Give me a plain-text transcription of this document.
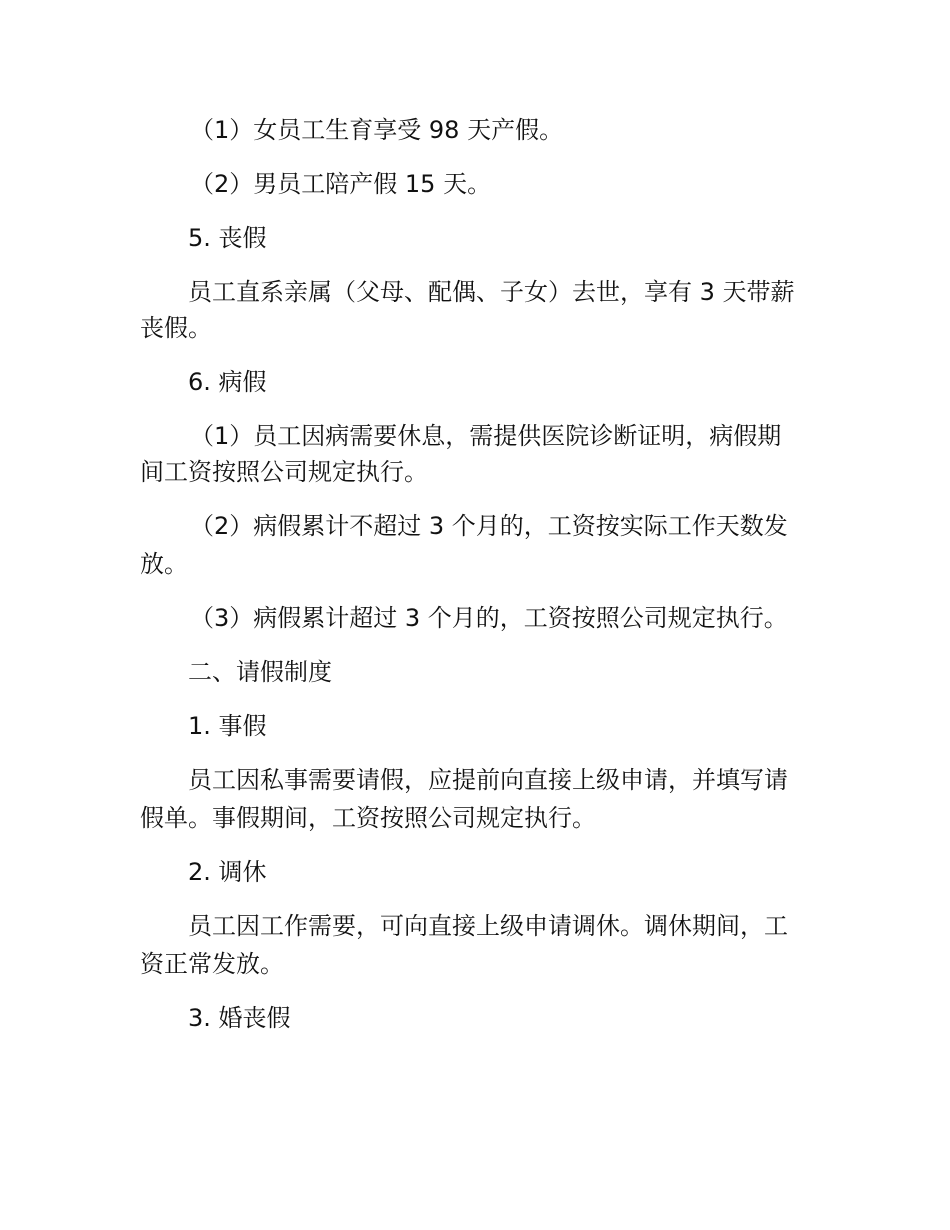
（1）女员工生育享受 98 天产假。
（2）男员工陪产假 15 天。
5. 丧假
员工直系亲属（父母、配偶、子女）去世，享有 3 天带薪
丧假。
6. 病假
（1）员工因病需要休息，需提供医院诊断证明，病假期
间工资按照公司规定执行。
（2）病假累计不超过 3 个月的，工资按实际工作天数发
放。
（3）病假累计超过 3 个月的，工资按照公司规定执行。
二、请假制度
1. 事假
员工因私事需要请假，应提前向直接上级申请，并填写请
假单。事假期间，工资按照公司规定执行。
2. 调休
员工因工作需要，可向直接上级申请调休。调休期间，工
资正常发放。
3. 婚丧假
